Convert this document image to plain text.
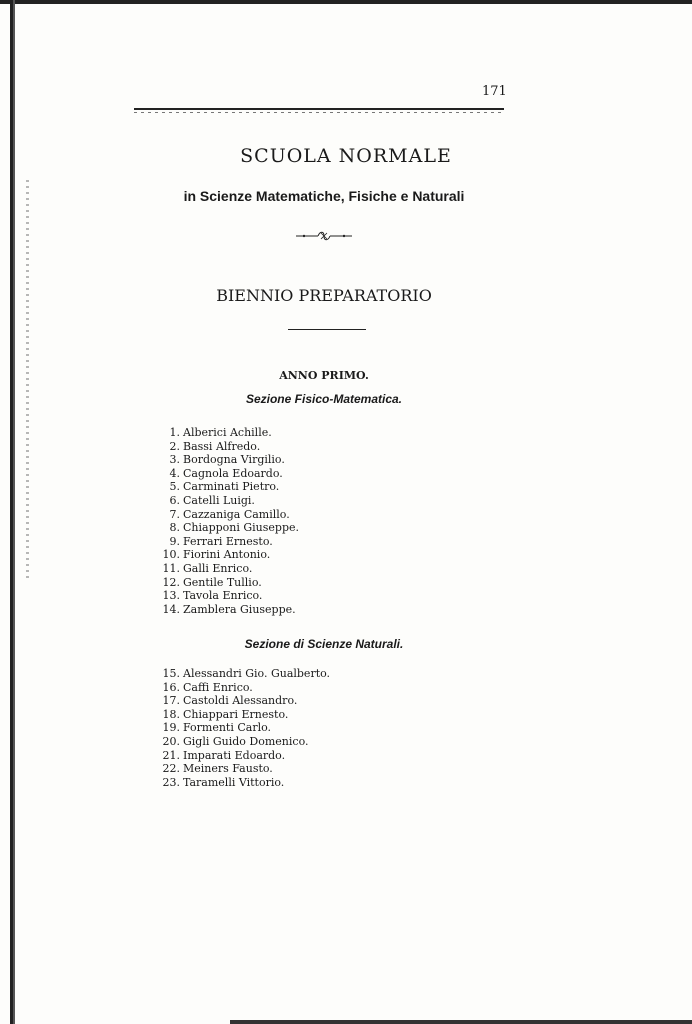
171
SCUOLA NORMALE
in Scienze Matematiche, Fisiche e Naturali
BIENNIO PREPARATORIO
ANNO PRIMO.
Sezione Fisico-Matematica.
1. Alberici Achille.
2. Bassi Alfredo.
3. Bordogna Virgilio.
4. Cagnola Edoardo.
5. Carminati Pietro.
6. Catelli Luigi.
7. Cazzaniga Camillo.
8. Chiapponi Giuseppe.
9. Ferrari Ernesto.
10. Fiorini Antonio.
11. Galli Enrico.
12. Gentile Tullio.
13. Tavola Enrico.
14. Zamblera Giuseppe.
Sezione di Scienze Naturali.
15. Alessandri Gio. Gualberto.
16. Caffi Enrico.
17. Castoldi Alessandro.
18. Chiappari Ernesto.
19. Formenti Carlo.
20. Gigli Guido Domenico.
21. Imparati Edoardo.
22. Meiners Fausto.
23. Taramelli Vittorio.
